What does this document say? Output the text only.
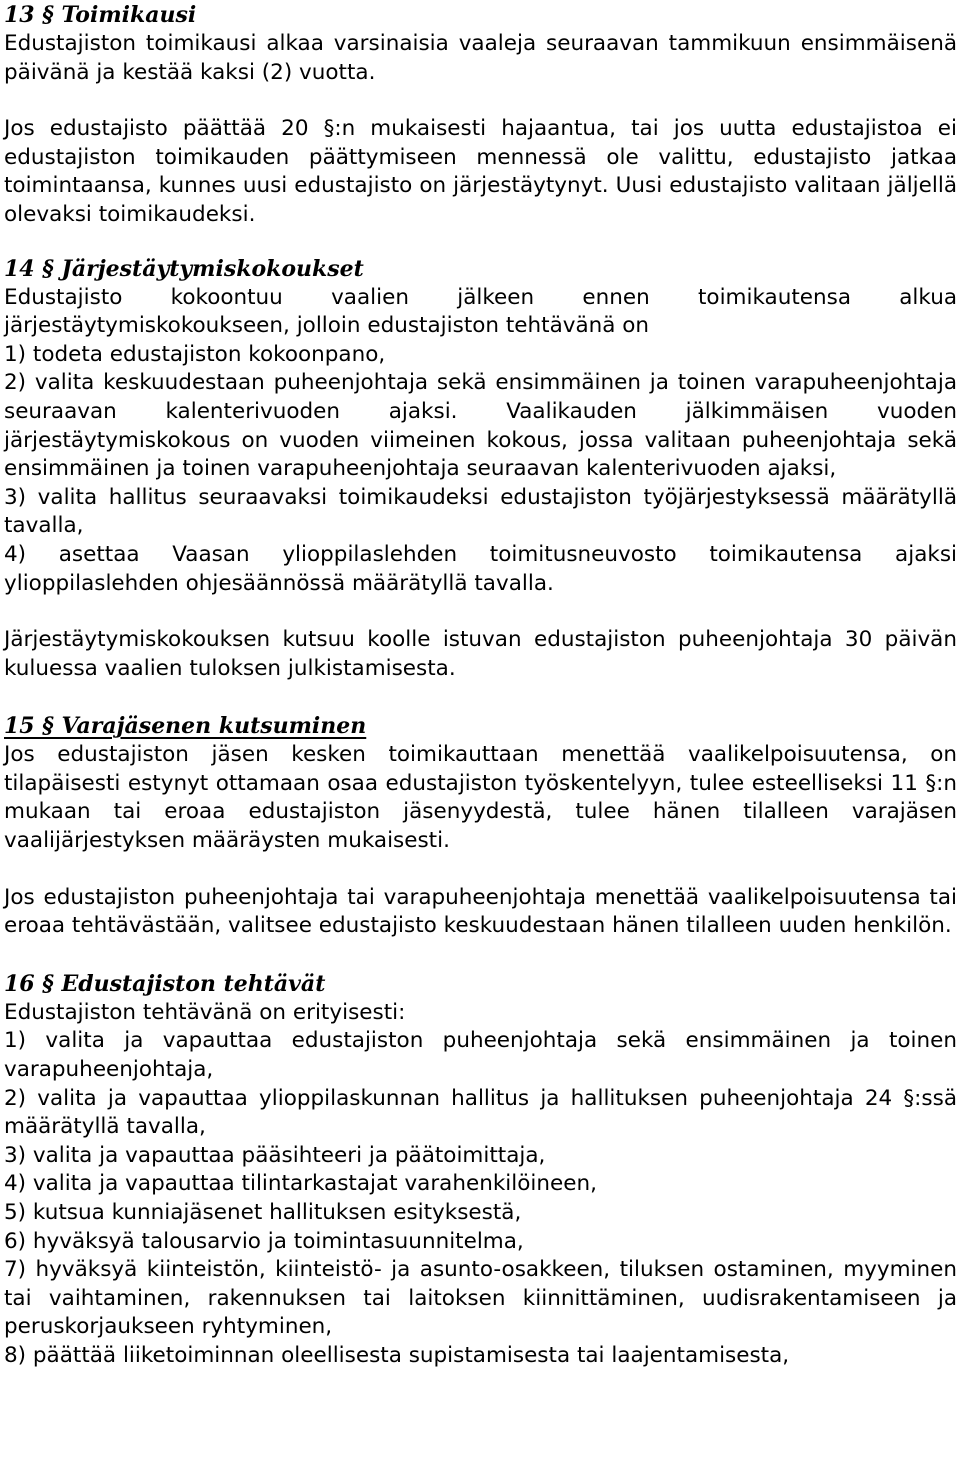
13 § Toimikausi

Edustajiston toimikausi alkaa varsinaisia vaaleja seuraavan tammikuun ensimmäisenä päivänä ja kestää kaksi (2) vuotta.

Jos edustajisto päättää 20 §:n mukaisesti hajaantua, tai jos uutta edustajistoa ei edustajiston toimikauden päättymiseen mennessä ole valittu, edustajisto jatkaa toimintaansa, kunnes uusi edustajisto on järjestäytynyt. Uusi edustajisto valitaan jäljellä olevaksi toimikaudeksi.

14 § Järjestäytymiskokoukset

Edustajisto kokoontuu vaalien jälkeen ennen toimikautensa alkua järjestäytymiskokoukseen, jolloin edustajiston tehtävänä on

1) todeta edustajiston kokoonpano,

2) valita keskuudestaan puheenjohtaja sekä ensimmäinen ja toinen varapuheenjohtaja seuraavan kalenterivuoden ajaksi. Vaalikauden jälkimmäisen vuoden järjestäytymiskokous on vuoden viimeinen kokous, jossa valitaan puheenjohtaja sekä ensimmäinen ja toinen varapuheenjohtaja seuraavan kalenterivuoden ajaksi,

3) valita hallitus seuraavaksi toimikaudeksi edustajiston työjärjestyksessä määrätyllä tavalla,

4) asettaa Vaasan ylioppilaslehden toimitusneuvosto toimikautensa ajaksi ylioppilaslehden ohjesäännössä määrätyllä tavalla.

Järjestäytymiskokouksen kutsuu koolle istuvan edustajiston puheenjohtaja 30 päivän kuluessa vaalien tuloksen julkistamisesta.

15 § Varajäsenen kutsuminen

Jos edustajiston jäsen kesken toimikauttaan menettää vaalikelpoisuutensa, on tilapäisesti estynyt ottamaan osaa edustajiston työskentelyyn, tulee esteelliseksi 11 §:n mukaan tai eroaa edustajiston jäsenyydestä, tulee hänen tilalleen varajäsen vaalijärjestyksen määräysten mukaisesti.

Jos edustajiston puheenjohtaja tai varapuheenjohtaja menettää vaalikelpoisuutensa tai eroaa tehtävästään, valitsee edustajisto keskuudestaan hänen tilalleen uuden henkilön.

16 § Edustajiston tehtävät

Edustajiston tehtävänä on erityisesti:

1) valita ja vapauttaa edustajiston puheenjohtaja sekä ensimmäinen ja toinen varapuheenjohtaja,

2) valita ja vapauttaa ylioppilaskunnan hallitus ja hallituksen puheenjohtaja 24 §:ssä määrätyllä tavalla,

3) valita ja vapauttaa pääsihteeri ja päätoimittaja,

4) valita ja vapauttaa tilintarkastajat varahenkilöineen,

5) kutsua kunniajäsenet hallituksen esityksestä,

6) hyväksyä talousarvio ja toimintasuunnitelma,

7) hyväksyä kiinteistön, kiinteistö- ja asunto-osakkeen, tiluksen ostaminen, myyminen tai vaihtaminen, rakennuksen tai laitoksen kiinnittäminen, uudisrakentamiseen ja peruskorjaukseen ryhtyminen,

8) päättää liiketoiminnan oleellisesta supistamisesta tai laajentamisesta,
